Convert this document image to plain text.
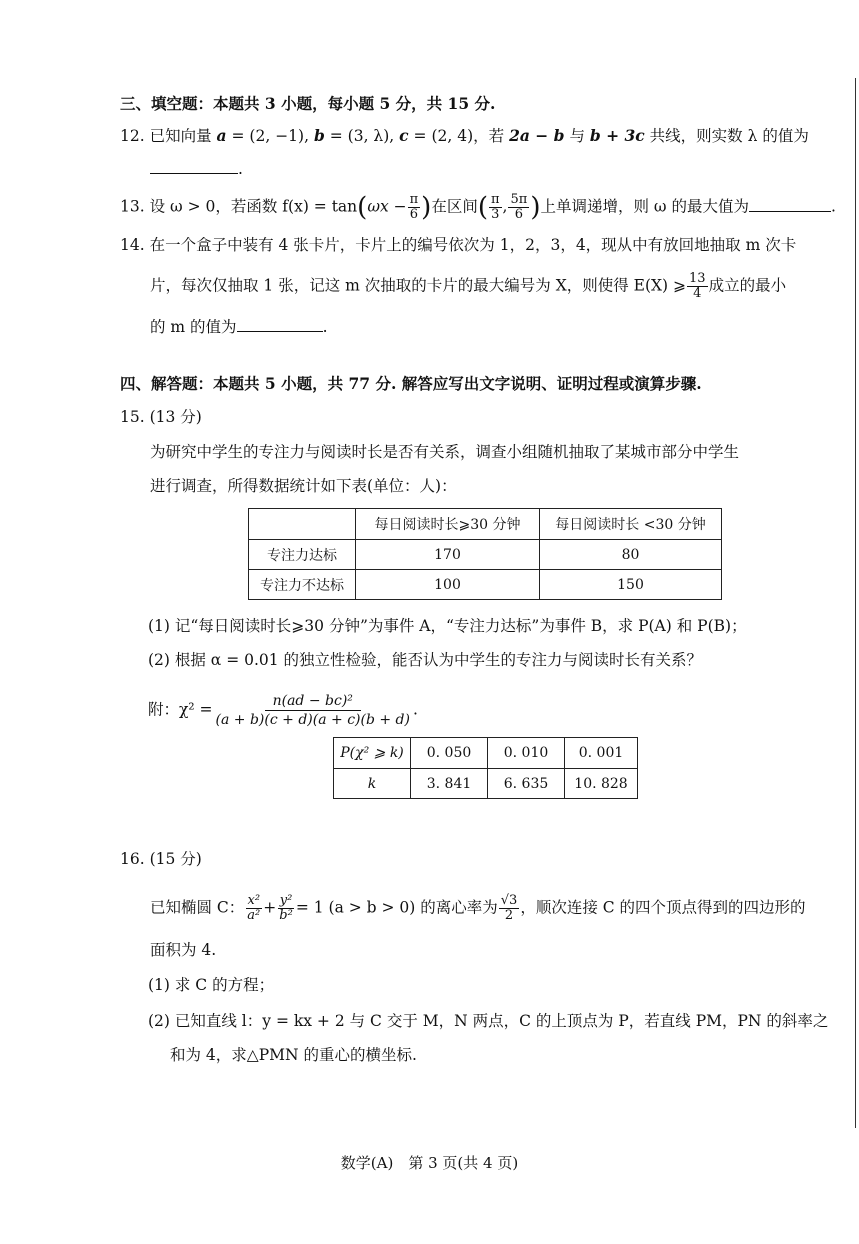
三、填空题：本题共 3 小题，每小题 5 分，共 15 分.
12. 已知向量 a = (2, −1), b = (3, λ), c = (2, 4)，若 2a − b 与 b + 3c 共线，则实数 λ 的值为
.
13. 设 ω > 0，若函数 $f(x) = \tan(\omega x - \frac{\pi}{6}$ )在区间( $\frac{\pi}{3}$ , $\frac{5\pi}{6}$ )上单调递增，则 ω 的最大值为	.
14. 在一个盒子中装有 4 张卡片，卡片上的编号依次为 1，2，3，4，现从中有放回地抽取 m 次卡
片，每次仅抽取 1 张，记这 m 次抽取的卡片的最大编号为 X，则使得 E(X) ⩾ $\frac{13}{4}$ 成立的最小
的 m 的值为	.
四、解答题：本题共 5 小题，共 77 分. 解答应写出文字说明、证明过程或演算步骤.
15. (13 分)
为研究中学生的专注力与阅读时长是否有关系，调查小组随机抽取了某城市部分中学生
进行调查，所得数据统计如下表(单位：人)：
	每日阅读时长⩾30 分钟	每日阅读时长 <30 分钟
专注力达标	170	80
专注力不达标	100	150
(1) 记“每日阅读时长⩾30 分钟”为事件 A，“专注力达标”为事件 B，求 P(A) 和 P(B)；
(2) 根据 α = 0.01 的独立性检验，能否认为中学生的专注力与阅读时长有关系？
附：$\chi^2 = \frac{\text{n(ad − bc)²}}{(a + b)(c + d)(a + c)(b + d)}$ .
P(χ² ⩾ k)	0. 050	0. 010	0. 001
k	3. 841	6. 635	10. 828
16. (15 分)
已知椭圆 C： $\frac{\text{x²}}{\text{a²}} + \frac{\text{y²}}{\text{b²}} = 1$ (a > b > 0) 的离心率为 $\frac{√3}{2}$ ，顺次连接 C 的四个顶点得到的四边形的
面积为 4.
(1) 求 C 的方程；
(2) 已知直线 l：y = kx + 2 与 C 交于 M，N 两点，C 的上顶点为 P，若直线 PM，PN 的斜率之
和为 4，求△PMN 的重心的横坐标.
数学(A)　第 3 页(共 4 页)
